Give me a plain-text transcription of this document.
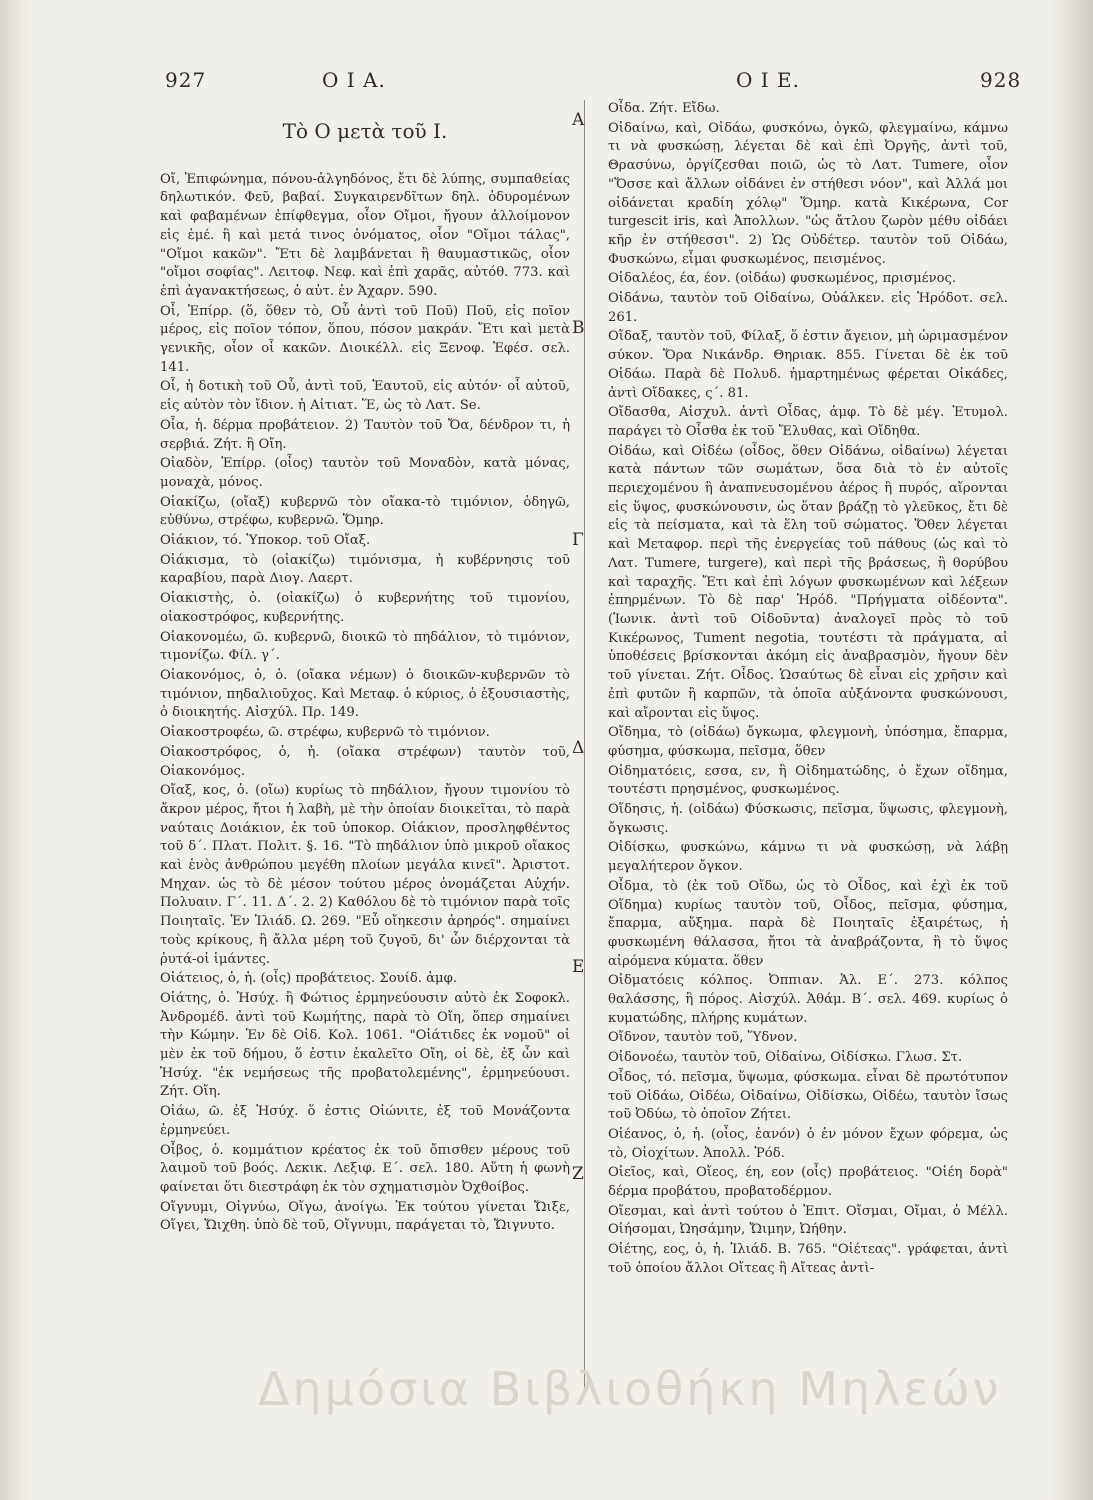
927	Ο Ι Α.	Ο Ι Ε.	928
Τὸ Ο μετὰ τοῦ Ι.

Οἴ, Ἐπιφώνημα, πόνου-ἀλγηδόνος, ἔτι δὲ λύπης, συμπαθείας δηλωτικόν. Φεῦ, βαβαί. Συγκαιρενδῖτων δηλ. ὀδυρομένων καὶ φαβαμένων ἐπίφθεγμα, οἷον Οἴμοι, ἤγουν ἀλλοίμονον εἰς ἐμέ. ἢ καὶ μετά τινος ὀνόματος, οἷον "Οἴμοι τάλας", "Οἴμοι κακῶν". Ἔτι δὲ λαμβάνεται ἢ θαυμαστικῶς, οἷον "οἴμοι σοφίας". Λειτοφ. Νεφ. καὶ ἐπὶ χαρᾶς, αὐτόθ. 773. καὶ ἐπὶ ἀγανακτήσεως, ὁ αὐτ. ἐν Ἀχαρν. 590.

Οἷ, Ἐπίρρ. (ὅ, ὅθεν τὸ, Οὗ ἀντὶ τοῦ Ποῦ) Ποῦ, εἰς ποῖον μέρος, εἰς ποῖον τόπον, ὅπου, πόσον μακράν. Ἔτι καὶ μετὰ γενικῆς, οἷον οἷ κακῶν. Διοικέλλ. εἰς Ξενοφ. Ἑφέσ. σελ. 141.

Οἷ, ἡ δοτικὴ τοῦ Οὗ, ἀντὶ τοῦ, Ἑαυτοῦ, εἰς αὐτόν· οἷ αὐτοῦ, εἰς αὐτὸν τὸν ἴδιον. ἡ Αἰτιατ. Ἕ, ὡς τὸ Λατ. Se.

Οἶα, ἡ. δέρμα προβάτειον. 2) Ταυτὸν τοῦ Ὄα, δένδρον τι, ἡ σερβιά. Ζήτ. ἢ Οἴη.

Οἰαδὸν, Ἐπίρρ. (οἶος) ταυτὸν τοῦ Μοναδὸν, κατὰ μόνας, μοναχὰ, μόνος.

Οἰακίζω, (οἴαξ) κυβερνῶ τὸν οἴακα-τὸ τιμόνιον, ὁδηγῶ, εὐθύνω, στρέφω, κυβερνῶ. Ὅμηρ.

Οἰάκιον, τό. Ὑποκορ. τοῦ Οἴαξ.

Οἰάκισμα, τὸ (οἰακίζω) τιμόνισμα, ἡ κυβέρνησις τοῦ καραβίου, παρὰ Διογ. Λαερτ.

Οἰακιστὴς, ὁ. (οἰακίζω) ὁ κυβερνήτης τοῦ τιμονίου, οἰακοστρόφος, κυβερνήτης.

Οἰακονομέω, ῶ. κυβερνῶ, διοικῶ τὸ πηδάλιον, τὸ τιμόνιον, τιμονίζω. Φίλ. γ΄.

Οἰακονόμος, ὁ, ὁ. (οἴακα νέμων) ὁ διοικῶν-κυβερνῶν τὸ τιμόνιον, πηδαλιοῦχος. Καὶ Μεταφ. ὁ κύριος, ὁ ἐξουσιαστὴς, ὁ διοικητής. Αἰσχύλ. Πρ. 149.

Οἰακοστροφέω, ῶ. στρέφω, κυβερνῶ τὸ τιμόνιον.

Οἰακοστρόφος, ὁ, ἡ. (οἴακα στρέφων) ταυτὸν τοῦ, Οἰακονόμος.

Οἴαξ, κος, ὁ. (οἴω) κυρίως τὸ πηδάλιον, ἤγουν τιμονίου τὸ ἄκρον μέρος, ἤτοι ἡ λαβὴ, μὲ τὴν ὁποίαν διοικεῖται, τὸ παρὰ ναύταις Δοιάκιον, ἐκ τοῦ ὑποκορ. Οἰάκιον, προσληφθέντος τοῦ δ΄. Πλατ. Πολιτ. §. 16. "Τὸ πηδάλιον ὑπὸ μικροῦ οἴακος καὶ ἑνὸς ἀνθρώπου μεγέθη πλοίων μεγάλα κινεῖ". Ἀριστοτ. Μηχαν. ὡς τὸ δὲ μέσον τούτου μέρος ὀνομάζεται Αὐχήν. Πολυαιν. Γ΄. 11. Δ΄. 2. 2) Καθόλου δὲ τὸ τιμόνιον παρὰ τοῖς Ποιηταῖς. Ἐν Ἰλιάδ. Ω. 269. "Εὖ οἴηκεσιν ἀρηρός". σημαίνει τοὺς κρίκους, ἢ ἄλλα μέρη τοῦ ζυγοῦ, δι' ὧν διέρχονται τὰ ῥυτά-οἱ ἱμάντες.

Οἰάτειος, ὁ, ἡ. (οἶς) προβάτειος. Σουίδ. ἀμφ.

Οἰάτης, ὁ. Ἡσύχ. ἢ Φώτιος ἑρμηνεύουσιν αὐτὸ ἐκ Σοφοκλ. Ἀνδρομέδ. ἀντὶ τοῦ Κωμήτης, παρὰ τὸ Οἴη, ὅπερ σημαίνει τὴν Κώμην. Ἐν δὲ Οἰδ. Κολ. 1061. "Οἰάτιδες ἐκ νομοῦ" οἱ μὲν ἐκ τοῦ δήμου, ὅ ἐστιν ἐκαλεῖτο Οἴη, οἱ δὲ, ἐξ ὧν καὶ Ἡσύχ. "ἐκ νεμήσεως τῆς προβατολεμένης", ἑρμηνεύουσι. Ζήτ. Οἴη.

Οἰάω, ῶ. ἐξ Ἡσύχ. ὅ ἐστις Οἰώνιτε, ἐξ τοῦ Μονάζοντα ἑρμηνεύει.

Οἶβος, ὁ. κομμάτιον κρέατος ἐκ τοῦ ὄπισθεν μέρους τοῦ λαιμοῦ τοῦ βοός. Λεκικ. Λεξιφ. Ε΄. σελ. 180. Αὕτη ἡ φωνὴ φαίνεται ὅτι διεστράφη ἐκ τὸν σχηματισμὸν Ὀχθοίβος.

Οἴγνυμι, Οἰγνύω, Οἴγω, ἀνοίγω. Ἐκ τούτου γίνεται Ὤιξε, Οἴγει, Ὤιχθη. ὑπὸ δὲ τοῦ, Οἴγνυμι, παράγεται τὸ, Ὤιγνυτο.

Οἶδα. Ζήτ. Εἴδω.

Οἰδαίνω, καὶ, Οἰδάω, φυσκόνω, ὀγκῶ, φλεγμαίνω, κάμνω τι νὰ φυσκώσῃ, λέγεται δὲ καὶ ἐπὶ Ὀργῆς, ἀντὶ τοῦ, Θρασύνω, ὀργίζεσθαι ποιῶ, ὡς τὸ Λατ. Tumere, οἷον "Ὅσσε καὶ ἄλλων οἰδάνει ἐν στήθεσι νόον", καὶ Ἀλλά μοι οἰδάνεται κραδίη χόλῳ" Ὅμηρ. κατὰ Κικέρωνα, Cor turgescit iris, καὶ Ἀπολλων. "ὡς ἄτλου ζωρὸν μέθυ οἰδάει κῆρ ἐν στήθεσσι". 2) Ὡς Οὐδέτερ. ταυτὸν τοῦ Οἰδάω, Φυσκώνω, εἶμαι φυσκωμένος, πεισμένος.

Οἰδαλέος, έα, έον. (οἰδάω) φυσκωμένος, πρισμένος.

Οἰδάνω, ταυτὸν τοῦ Οἰδαίνω, Οὐάλκεν. εἰς Ἡρόδοτ. σελ. 261.

Οἴδαξ, ταυτὸν τοῦ, Φίλαξ, ὅ ἐστιν ἄγειον, μὴ ὡριμασμένον σύκον. Ὅρα Νικάνδρ. Θηριακ. 855. Γίνεται δὲ ἐκ τοῦ Οἰδάω. Παρὰ δὲ Πολυδ. ἡμαρτημένως φέρεται Οἰκάδες, ἀντὶ Οἴδακες, ς΄. 81.

Οἴδασθα, Αἰσχυλ. ἀντὶ Οἶδας, ἀμφ. Τὸ δὲ μέγ. Ἐτυμολ. παράγει τὸ Οἶσθα ἐκ τοῦ Ἔλυθας, καὶ Οἴδηθα.

Οἰδάω, καὶ Οἰδέω (οἶδος, ὅθεν Οἰδάνω, οἰδαίνω) λέγεται κατὰ πάντων τῶν σωμάτων, ὅσα διὰ τὸ ἐν αὐτοῖς περιεχομένου ἢ ἀναπνευσομένου ἀέρος ἢ πυρός, αἴρονται εἰς ὕψος, φυσκώνουσιν, ὡς ὅταν βράζῃ τὸ γλεῦκος, ἔτι δὲ εἰς τὰ πείσματα, καὶ τὰ ἕλη τοῦ σώματος. Ὅθεν λέγεται καὶ Μεταφορ. περὶ τῆς ἐνεργείας τοῦ πάθους (ὡς καὶ τὸ Λατ. Tumere, turgere), καὶ περὶ τῆς βράσεως, ἢ θορύβου καὶ ταραχῆς. Ἔτι καὶ ἐπὶ λόγων φυσκωμένων καὶ λέξεων ἐπηρμένων. Τὸ δὲ παρ' Ἡρόδ. "Πρήγματα οἰδέοντα". (Ἰωνικ. ἀντὶ τοῦ Οἰδοῦντα) ἀναλογεῖ πρὸς τὸ τοῦ Κικέρωνος, Tument negotia, τουτέστι τὰ πράγματα, αἱ ὑποθέσεις βρίσκονται ἀκόμη εἰς ἀναβρασμὸν, ἤγουν δὲν τοῦ γίνεται. Ζήτ. Οἶδος. Ὡσαύτως δὲ εἶναι εἰς χρῆσιν καὶ ἐπὶ φυτῶν ἢ καρπῶν, τὰ ὁποῖα αὐξάνοντα φυσκώνουσι, καὶ αἴρονται εἰς ὕψος.

Οἴδημα, τὸ (οἰδάω) ὄγκωμα, φλεγμονὴ, ὑπόσημα, ἔπαρμα, φύσημα, φύσκωμα, πεῖσμα, ὅθεν

Οἰδηματόεις, εσσα, εν, ἢ Οἰδηματώδης, ὁ ἔχων οἴδημα, τουτέστι πρησμένος, φυσκωμένος.

Οἴδησις, ἡ. (οἰδάω) Φύσκωσις, πεῖσμα, ὕψωσις, φλεγμονὴ, ὄγκωσις.

Οἰδίσκω, φυσκώνω, κάμνω τι νὰ φυσκώσῃ, νὰ λάβῃ μεγαλήτερον ὄγκον.

Οἶδμα, τὸ (ἐκ τοῦ Οἴδω, ὡς τὸ Οἶδος, καὶ ἐχὶ ἐκ τοῦ Οἴδημα) κυρίως ταυτὸν τοῦ, Οἶδος, πεῖσμα, φύσημα, ἔπαρμα, αὔξημα. παρὰ δὲ Ποιηταῖς ἐξαιρέτως, ἡ φυσκωμένη θάλασσα, ἤτοι τὰ ἀναβράζοντα, ἢ τὸ ὕψος αἰρόμενα κύματα. ὅθεν

Οἰδματόεις κόλπος. Ὀππιαν. Ἁλ. Ε΄. 273. κόλπος θαλάσσης, ἢ πόρος. Αἰσχύλ. Ἀθάμ. Β΄. σελ. 469. κυρίως ὁ κυματώδης, πλήρης κυμάτων.

Οἴδνον, ταυτὸν τοῦ, Ὕδνον.

Οἰδονοέω, ταυτὸν τοῦ, Οἰδαίνω, Οἰδίσκω. Γλωσ. Στ.

Οἶδος, τό. πεῖσμα, ὕψωμα, φύσκωμα. εἶναι δὲ πρωτότυπον τοῦ Οἰδάω, Οἰδέω, Οἰδαίνω, Οἰδίσκω, Οἰδέω, ταυτὸν ἴσως τοῦ Ὀδύω, τὸ ὁποῖον Ζήτει.

Οἰέανος, ὁ, ἡ. (οἶος, ἑανόν) ὁ ἐν μόνον ἔχων φόρεμα, ὡς τὸ, Οἰοχίτων. Ἀπολλ. Ῥόδ.

Οἰεῖος, καὶ, Οἴεος, έη, εον (οἶς) προβάτειος. "Οἰέη δορὰ" δέρμα προβάτου, προβατοδέρμον.

Οἴεσμαι, καὶ ἀντὶ τούτου ὁ Ἐπιτ. Οἴσμαι, Οἴμαι, ὁ Μέλλ. Οἰήσομαι, Ὠησάμην, Ὤιμην, Ὠήθην.

Οἰέτης, εος, ὁ, ἡ. Ἰλιάδ. Β. 765. "Οἰέτεας". γράφεται, ἀντὶ τοῦ ὁποίου ἄλλοι Οἴτεας ἢ Αἴτεας ἀντὶ-

Α
Β
Γ
Δ
Ε
Ζ
Δημόσια Βιβλιοθήκη Μηλεών
